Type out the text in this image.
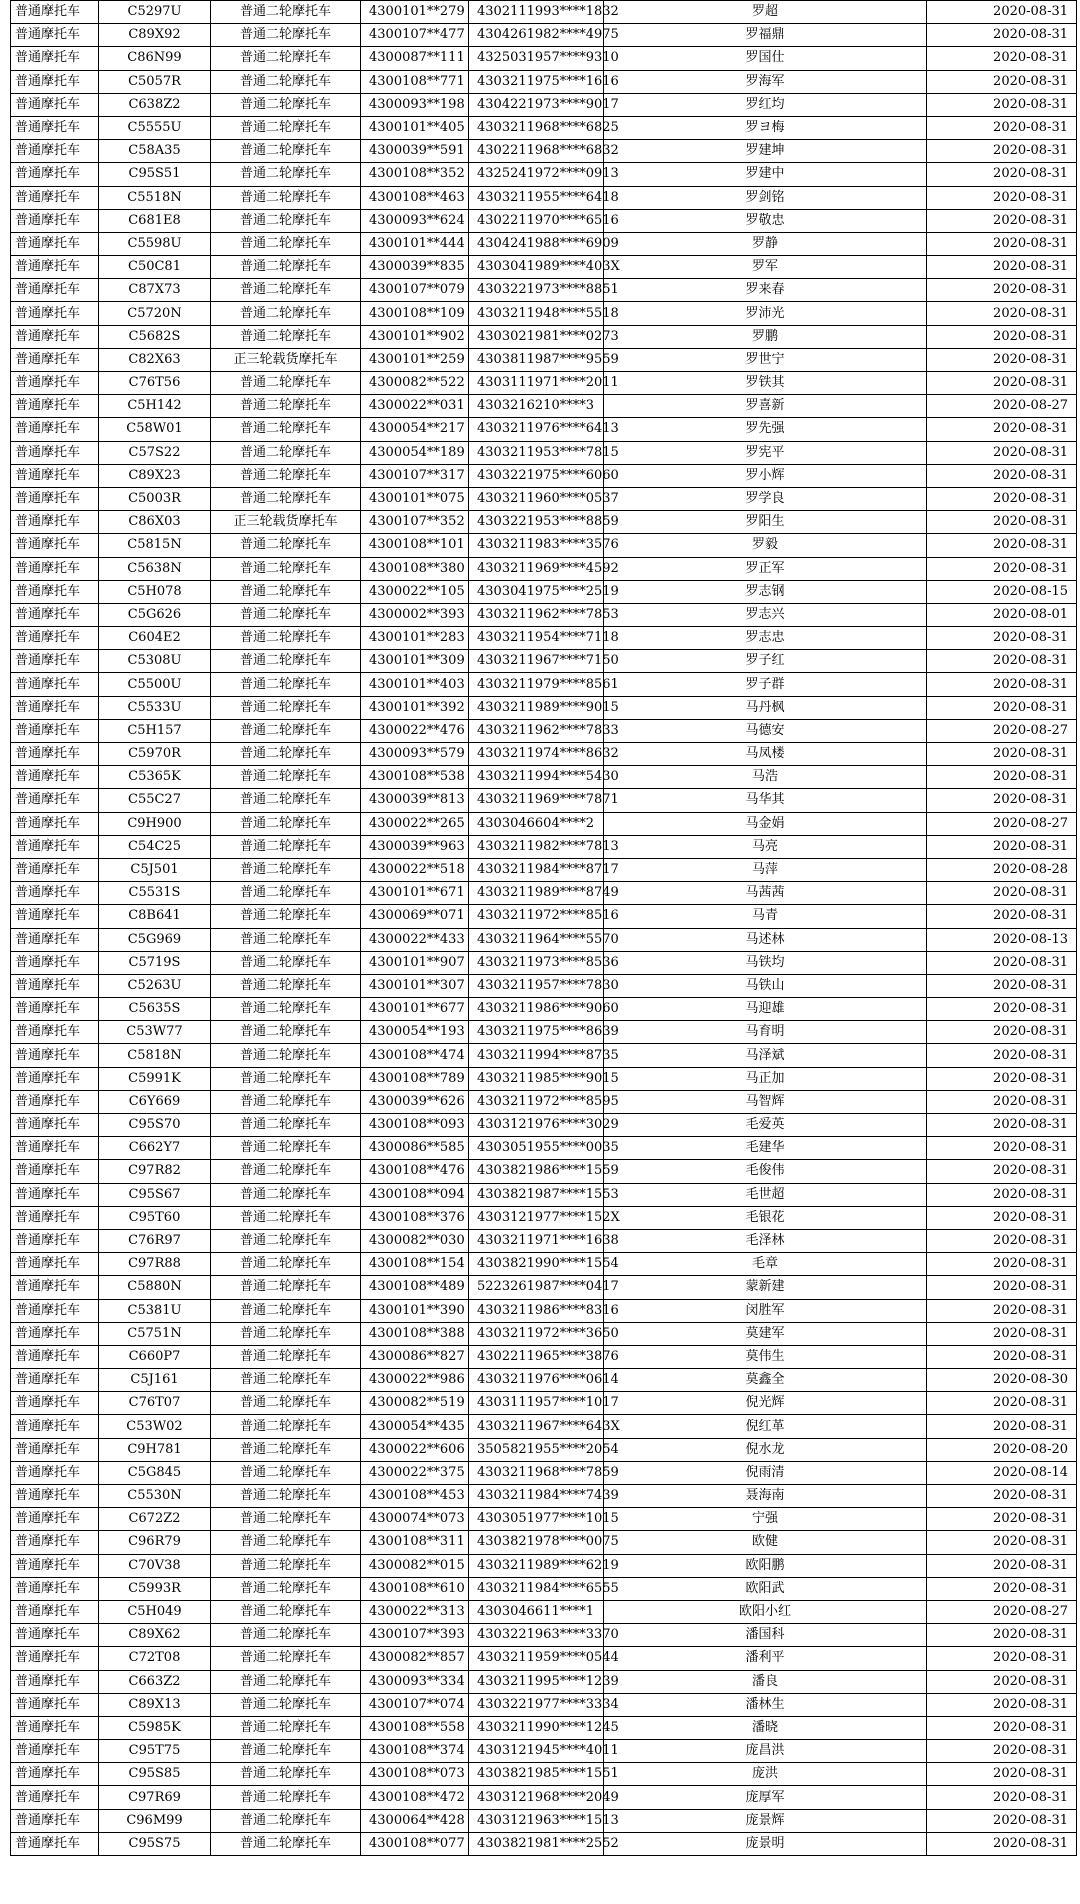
普通摩托车	C5297U	普通二轮摩托车	4300101**279	4302111993****1832	罗超	2020-08-31
普通摩托车	C89X92	普通二轮摩托车	4300107**477	4304261982****4975	罗福鼎	2020-08-31
普通摩托车	C86N99	普通二轮摩托车	4300087**111	4325031957****9310	罗国仕	2020-08-31
普通摩托车	C5057R	普通二轮摩托车	4300108**771	4303211975****1616	罗海军	2020-08-31
普通摩托车	C638Z2	普通二轮摩托车	4300093**198	4304221973****9017	罗红均	2020-08-31
普通摩托车	C5555U	普通二轮摩托车	4300101**405	4303211968****6825	罗ヨ梅	2020-08-31
普通摩托车	C58A35	普通二轮摩托车	4300039**591	4302211968****6832	罗建坤	2020-08-31
普通摩托车	C95S51	普通二轮摩托车	4300108**352	4325241972****0913	罗建中	2020-08-31
普通摩托车	C5518N	普通二轮摩托车	4300108**463	4303211955****6418	罗剑铭	2020-08-31
普通摩托车	C681E8	普通二轮摩托车	4300093**624	4302211970****6516	罗敬忠	2020-08-31
普通摩托车	C5598U	普通二轮摩托车	4300101**444	4304241988****6909	罗静	2020-08-31
普通摩托车	C50C81	普通二轮摩托车	4300039**835	4303041989****403X	罗军	2020-08-31
普通摩托车	C87X73	普通二轮摩托车	4300107**079	4303221973****8851	罗来春	2020-08-31
普通摩托车	C5720N	普通二轮摩托车	4300108**109	4303211948****5518	罗沛光	2020-08-31
普通摩托车	C5682S	普通二轮摩托车	4300101**902	4303021981****0273	罗鹏	2020-08-31
普通摩托车	C82X63	正三轮载货摩托车	4300101**259	4303811987****9559	罗世宁	2020-08-31
普通摩托车	C76T56	普通二轮摩托车	4300082**522	4303111971****2011	罗铁其	2020-08-31
普通摩托车	C5H142	普通二轮摩托车	4300022**031	4303216210****3	罗喜新	2020-08-27
普通摩托车	C58W01	普通二轮摩托车	4300054**217	4303211976****6413	罗先强	2020-08-31
普通摩托车	C57S22	普通二轮摩托车	4300054**189	4303211953****7815	罗宪平	2020-08-31
普通摩托车	C89X23	普通二轮摩托车	4300107**317	4303221975****6060	罗小辉	2020-08-31
普通摩托车	C5003R	普通二轮摩托车	4300101**075	4303211960****0537	罗学良	2020-08-31
普通摩托车	C86X03	正三轮载货摩托车	4300107**352	4303221953****8859	罗阳生	2020-08-31
普通摩托车	C5815N	普通二轮摩托车	4300108**101	4303211983****3576	罗毅	2020-08-31
普通摩托车	C5638N	普通二轮摩托车	4300108**380	4303211969****4592	罗正军	2020-08-31
普通摩托车	C5H078	普通二轮摩托车	4300022**105	4303041975****2519	罗志钢	2020-08-15
普通摩托车	C5G626	普通二轮摩托车	4300002**393	4303211962****7853	罗志兴	2020-08-01
普通摩托车	C604E2	普通二轮摩托车	4300101**283	4303211954****7118	罗志忠	2020-08-31
普通摩托车	C5308U	普通二轮摩托车	4300101**309	4303211967****7150	罗子红	2020-08-31
普通摩托车	C5500U	普通二轮摩托车	4300101**403	4303211979****8561	罗子群	2020-08-31
普通摩托车	C5533U	普通二轮摩托车	4300101**392	4303211989****9015	马丹枫	2020-08-31
普通摩托车	C5H157	普通二轮摩托车	4300022**476	4303211962****7833	马德安	2020-08-27
普通摩托车	C5970R	普通二轮摩托车	4300093**579	4303211974****8632	马凤楼	2020-08-31
普通摩托车	C5365K	普通二轮摩托车	4300108**538	4303211994****5430	马浩	2020-08-31
普通摩托车	C55C27	普通二轮摩托车	4300039**813	4303211969****7871	马华其	2020-08-31
普通摩托车	C9H900	普通二轮摩托车	4300022**265	4303046604****2	马金娟	2020-08-27
普通摩托车	C54C25	普通二轮摩托车	4300039**963	4303211982****7813	马亮	2020-08-31
普通摩托车	C5J501	普通二轮摩托车	4300022**518	4303211984****8717	马萍	2020-08-28
普通摩托车	C5531S	普通二轮摩托车	4300101**671	4303211989****8749	马茜茜	2020-08-31
普通摩托车	C8B641	普通二轮摩托车	4300069**071	4303211972****8516	马青	2020-08-31
普通摩托车	C5G969	普通二轮摩托车	4300022**433	4303211964****5570	马述林	2020-08-13
普通摩托车	C5719S	普通二轮摩托车	4300101**907	4303211973****8536	马铁均	2020-08-31
普通摩托车	C5263U	普通二轮摩托车	4300101**307	4303211957****7830	马铁山	2020-08-31
普通摩托车	C5635S	普通二轮摩托车	4300101**677	4303211986****9060	马迎雄	2020-08-31
普通摩托车	C53W77	普通二轮摩托车	4300054**193	4303211975****8639	马育明	2020-08-31
普通摩托车	C5818N	普通二轮摩托车	4300108**474	4303211994****8735	马泽斌	2020-08-31
普通摩托车	C5991K	普通二轮摩托车	4300108**789	4303211985****9015	马正加	2020-08-31
普通摩托车	C6Y669	普通二轮摩托车	4300039**626	4303211972****8595	马智辉	2020-08-31
普通摩托车	C95S70	普通二轮摩托车	4300108**093	4303121976****3029	毛爱英	2020-08-31
普通摩托车	C662Y7	普通二轮摩托车	4300086**585	4303051955****0035	毛建华	2020-08-31
普通摩托车	C97R82	普通二轮摩托车	4300108**476	4303821986****1559	毛俊伟	2020-08-31
普通摩托车	C95S67	普通二轮摩托车	4300108**094	4303821987****1553	毛世超	2020-08-31
普通摩托车	C95T60	普通二轮摩托车	4300108**376	4303121977****152X	毛银花	2020-08-31
普通摩托车	C76R97	普通二轮摩托车	4300082**030	4303211971****1638	毛泽林	2020-08-31
普通摩托车	C97R88	普通二轮摩托车	4300108**154	4303821990****1554	毛章	2020-08-31
普通摩托车	C5880N	普通二轮摩托车	4300108**489	5223261987****0417	蒙新建	2020-08-31
普通摩托车	C5381U	普通二轮摩托车	4300101**390	4303211986****8316	闵胜军	2020-08-31
普通摩托车	C5751N	普通二轮摩托车	4300108**388	4303211972****3650	莫建军	2020-08-31
普通摩托车	C660P7	普通二轮摩托车	4300086**827	4302211965****3876	莫伟生	2020-08-31
普通摩托车	C5J161	普通二轮摩托车	4300022**986	4303211976****0614	莫鑫全	2020-08-30
普通摩托车	C76T07	普通二轮摩托车	4300082**519	4303111957****1017	倪光辉	2020-08-31
普通摩托车	C53W02	普通二轮摩托车	4300054**435	4303211967****643X	倪红革	2020-08-31
普通摩托车	C9H781	普通二轮摩托车	4300022**606	3505821955****2054	倪水龙	2020-08-20
普通摩托车	C5G845	普通二轮摩托车	4300022**375	4303211968****7859	倪雨清	2020-08-14
普通摩托车	C5530N	普通二轮摩托车	4300108**453	4303211984****7439	聂海南	2020-08-31
普通摩托车	C672Z2	普通二轮摩托车	4300074**073	4303051977****1015	宁强	2020-08-31
普通摩托车	C96R79	普通二轮摩托车	4300108**311	4303821978****0075	欧健	2020-08-31
普通摩托车	C70V38	普通二轮摩托车	4300082**015	4303211989****6219	欧阳鹏	2020-08-31
普通摩托车	C5993R	普通二轮摩托车	4300108**610	4303211984****6555	欧阳武	2020-08-31
普通摩托车	C5H049	普通二轮摩托车	4300022**313	4303046611****1	欧阳小红	2020-08-27
普通摩托车	C89X62	普通二轮摩托车	4300107**393	4303221963****3370	潘国科	2020-08-31
普通摩托车	C72T08	普通二轮摩托车	4300082**857	4303211959****0544	潘利平	2020-08-31
普通摩托车	C663Z2	普通二轮摩托车	4300093**334	4303211995****1239	潘良	2020-08-31
普通摩托车	C89X13	普通二轮摩托车	4300107**074	4303221977****3334	潘林生	2020-08-31
普通摩托车	C5985K	普通二轮摩托车	4300108**558	4303211990****1245	潘晓	2020-08-31
普通摩托车	C95T75	普通二轮摩托车	4300108**374	4303121945****4011	庞昌洪	2020-08-31
普通摩托车	C95S85	普通二轮摩托车	4300108**073	4303821985****1551	庞洪	2020-08-31
普通摩托车	C97R69	普通二轮摩托车	4300108**472	4303121968****2049	庞厚军	2020-08-31
普通摩托车	C96M99	普通二轮摩托车	4300064**428	4303121963****1513	庞景辉	2020-08-31
普通摩托车	C95S75	普通二轮摩托车	4300108**077	4303821981****2552	庞景明	2020-08-31
